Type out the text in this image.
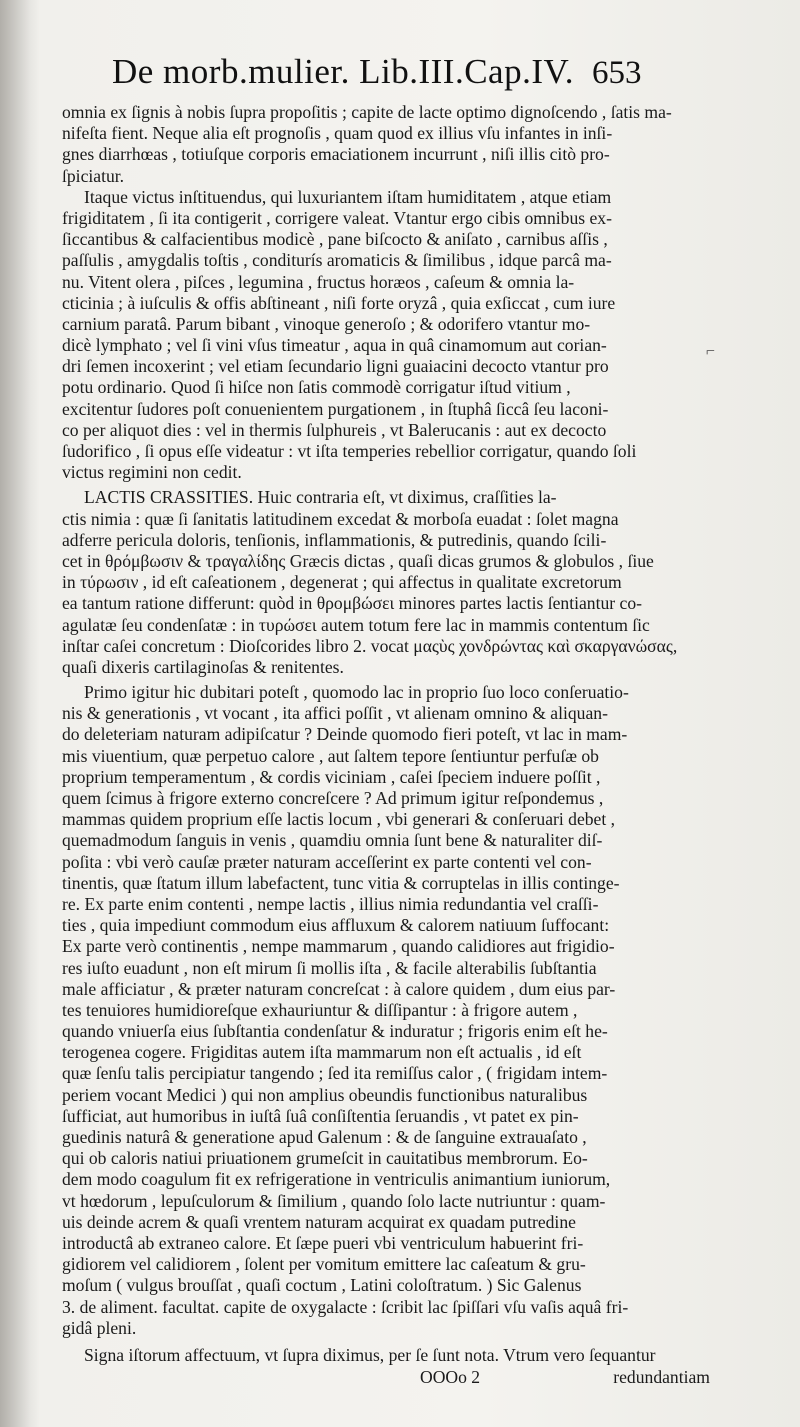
De morb.mulier. Lib.III.Cap.IV. 653
⌐
omnia ex ſignis à nobis ſupra propoſitis ; capite de lacte optimo dignoſcendo , ſatis ma-
nifeſta fient. Neque alia eſt prognoſis , quam quod ex illius vſu infantes in inſi-
gnes diarrhœas , totiuſque corporis emaciationem incurrunt , niſi illis citò pro-
ſpiciatur.
Itaque victus inſtituendus, qui luxuriantem iſtam humiditatem , atque etiam
frigiditatem , ſi ita contigerit , corrigere valeat. Vtantur ergo cibis omnibus ex-
ſiccantibus & calfacientibus modicè , pane biſcocto & aniſato , carnibus aſſis ,
paſſulis , amygdalis toſtis , conditurís aromaticis & ſimilibus , idque parcâ ma-
nu. Vitent olera , piſces , legumina , fructus horæos , caſeum & omnia la-
cticinia ; à iuſculis & offis abſtineant , niſi forte oryzâ , quia exſiccat , cum iure
carnium paratâ. Parum bibant , vinoque generoſo ; & odorifero vtantur mo-
dicè lymphato ; vel ſi vini vſus timeatur , aqua in quâ cinamomum aut corian-
dri ſemen incoxerint ; vel etiam ſecundario ligni guaiacini decocto vtantur pro
potu ordinario. Quod ſi hiſce non ſatis commodè corrigatur iſtud vitium ,
excitentur ſudores poſt conuenientem purgationem , in ſtuphâ ſiccâ ſeu laconi-
co per aliquot dies : vel in thermis ſulphureis , vt Balerucanis : aut ex decocto
ſudorifico , ſi opus eſſe videatur : vt iſta temperies rebellior corrigatur, quando ſoli
victus regimini non cedit.
LACTIS CRASSITIES. Huic contraria eſt, vt diximus, craſſities la-
ctis nimia : quæ ſi ſanitatis latitudinem excedat & morboſa euadat : ſolet magna
adferre pericula doloris, tenſionis, inflammationis, & putredinis, quando ſcili-
cet in θρόμβωσιν & τραγαλίδης Græcis dictas , quaſi dicas grumos & globulos , ſiue
in τύρωσιν , id eſt caſeationem , degenerat ; qui affectus in qualitate excretorum
ea tantum ratione differunt: quòd in θρομβώσει minores partes lactis ſentiantur co-
agulatæ ſeu condenſatæ : in τυρώσει autem totum fere lac in mammis contentum ſic
inſtar caſei concretum : Dioſcorides libro 2. vocat μαςὺς χονδρώντας καὶ σκαργανώσας,
quaſi dixeris cartilaginoſas & renitentes.
Primo igitur hic dubitari poteſt , quomodo lac in proprio ſuo loco conſeruatio-
nis & generationis , vt vocant , ita affici poſſit , vt alienam omnino & aliquan-
do deleteriam naturam adipiſcatur ? Deinde quomodo fieri poteſt, vt lac in mam-
mis viuentium, quæ perpetuo calore , aut ſaltem tepore ſentiuntur perfuſæ ob
proprium temperamentum , & cordis viciniam , caſei ſpeciem induere poſſit ,
quem ſcimus à frigore externo concreſcere ? Ad primum igitur reſpondemus ,
mammas quidem proprium eſſe lactis locum , vbi generari & conſeruari debet ,
quemadmodum ſanguis in venis , quamdiu omnia ſunt bene & naturaliter diſ-
poſita : vbi verò cauſæ præter naturam acceſſerint ex parte contenti vel con-
tinentis, quæ ſtatum illum labefactent, tunc vitia & corruptelas in illis continge-
re. Ex parte enim contenti , nempe lactis , illius nimia redundantia vel craſſi-
ties , quia impediunt commodum eius affluxum & calorem natiuum ſuffocant:
Ex parte verò continentis , nempe mammarum , quando calidiores aut frigidio-
res iuſto euadunt , non eſt mirum ſi mollis iſta , & facile alterabilis ſubſtantia
male afficiatur , & præter naturam concreſcat : à calore quidem , dum eius par-
tes tenuiores humidioreſque exhauriuntur & diſſipantur : à frigore autem ,
quando vniuerſa eius ſubſtantia condenſatur & induratur ; frigoris enim eſt he-
terogenea cogere. Frigiditas autem iſta mammarum non eſt actualis , id eſt
quæ ſenſu talis percipiatur tangendo ; ſed ita remiſſus calor , ( frigidam intem-
periem vocant Medici ) qui non amplius obeundis functionibus naturalibus
ſufficiat, aut humoribus in iuſtâ ſuâ conſiſtentia ſeruandis , vt patet ex pin-
guedinis naturâ & generatione apud Galenum : & de ſanguine extrauaſato ,
qui ob caloris natiui priuationem grumeſcit in cauitatibus membrorum. Eo-
dem modo coagulum fit ex refrigeratione in ventriculis animantium iuniorum,
vt hœdorum , lepuſculorum & ſimilium , quando ſolo lacte nutriuntur : quam-
uis deinde acrem & quaſi vrentem naturam acquirat ex quadam putredine
introductâ ab extraneo calore. Et ſæpe pueri vbi ventriculum habuerint fri-
gidiorem vel calidiorem , ſolent per vomitum emittere lac caſeatum & gru-
moſum ( vulgus brouſſat , quaſi coctum , Latini coloſtratum. ) Sic Galenus
3. de aliment. facultat. capite de oxygalacte : ſcribit lac ſpiſſari vſu vaſis aquâ fri-
gidâ pleni.
Signa iſtorum affectuum, vt ſupra diximus, per ſe ſunt nota. Vtrum vero ſequantur
OOOo 2	redundantiam
